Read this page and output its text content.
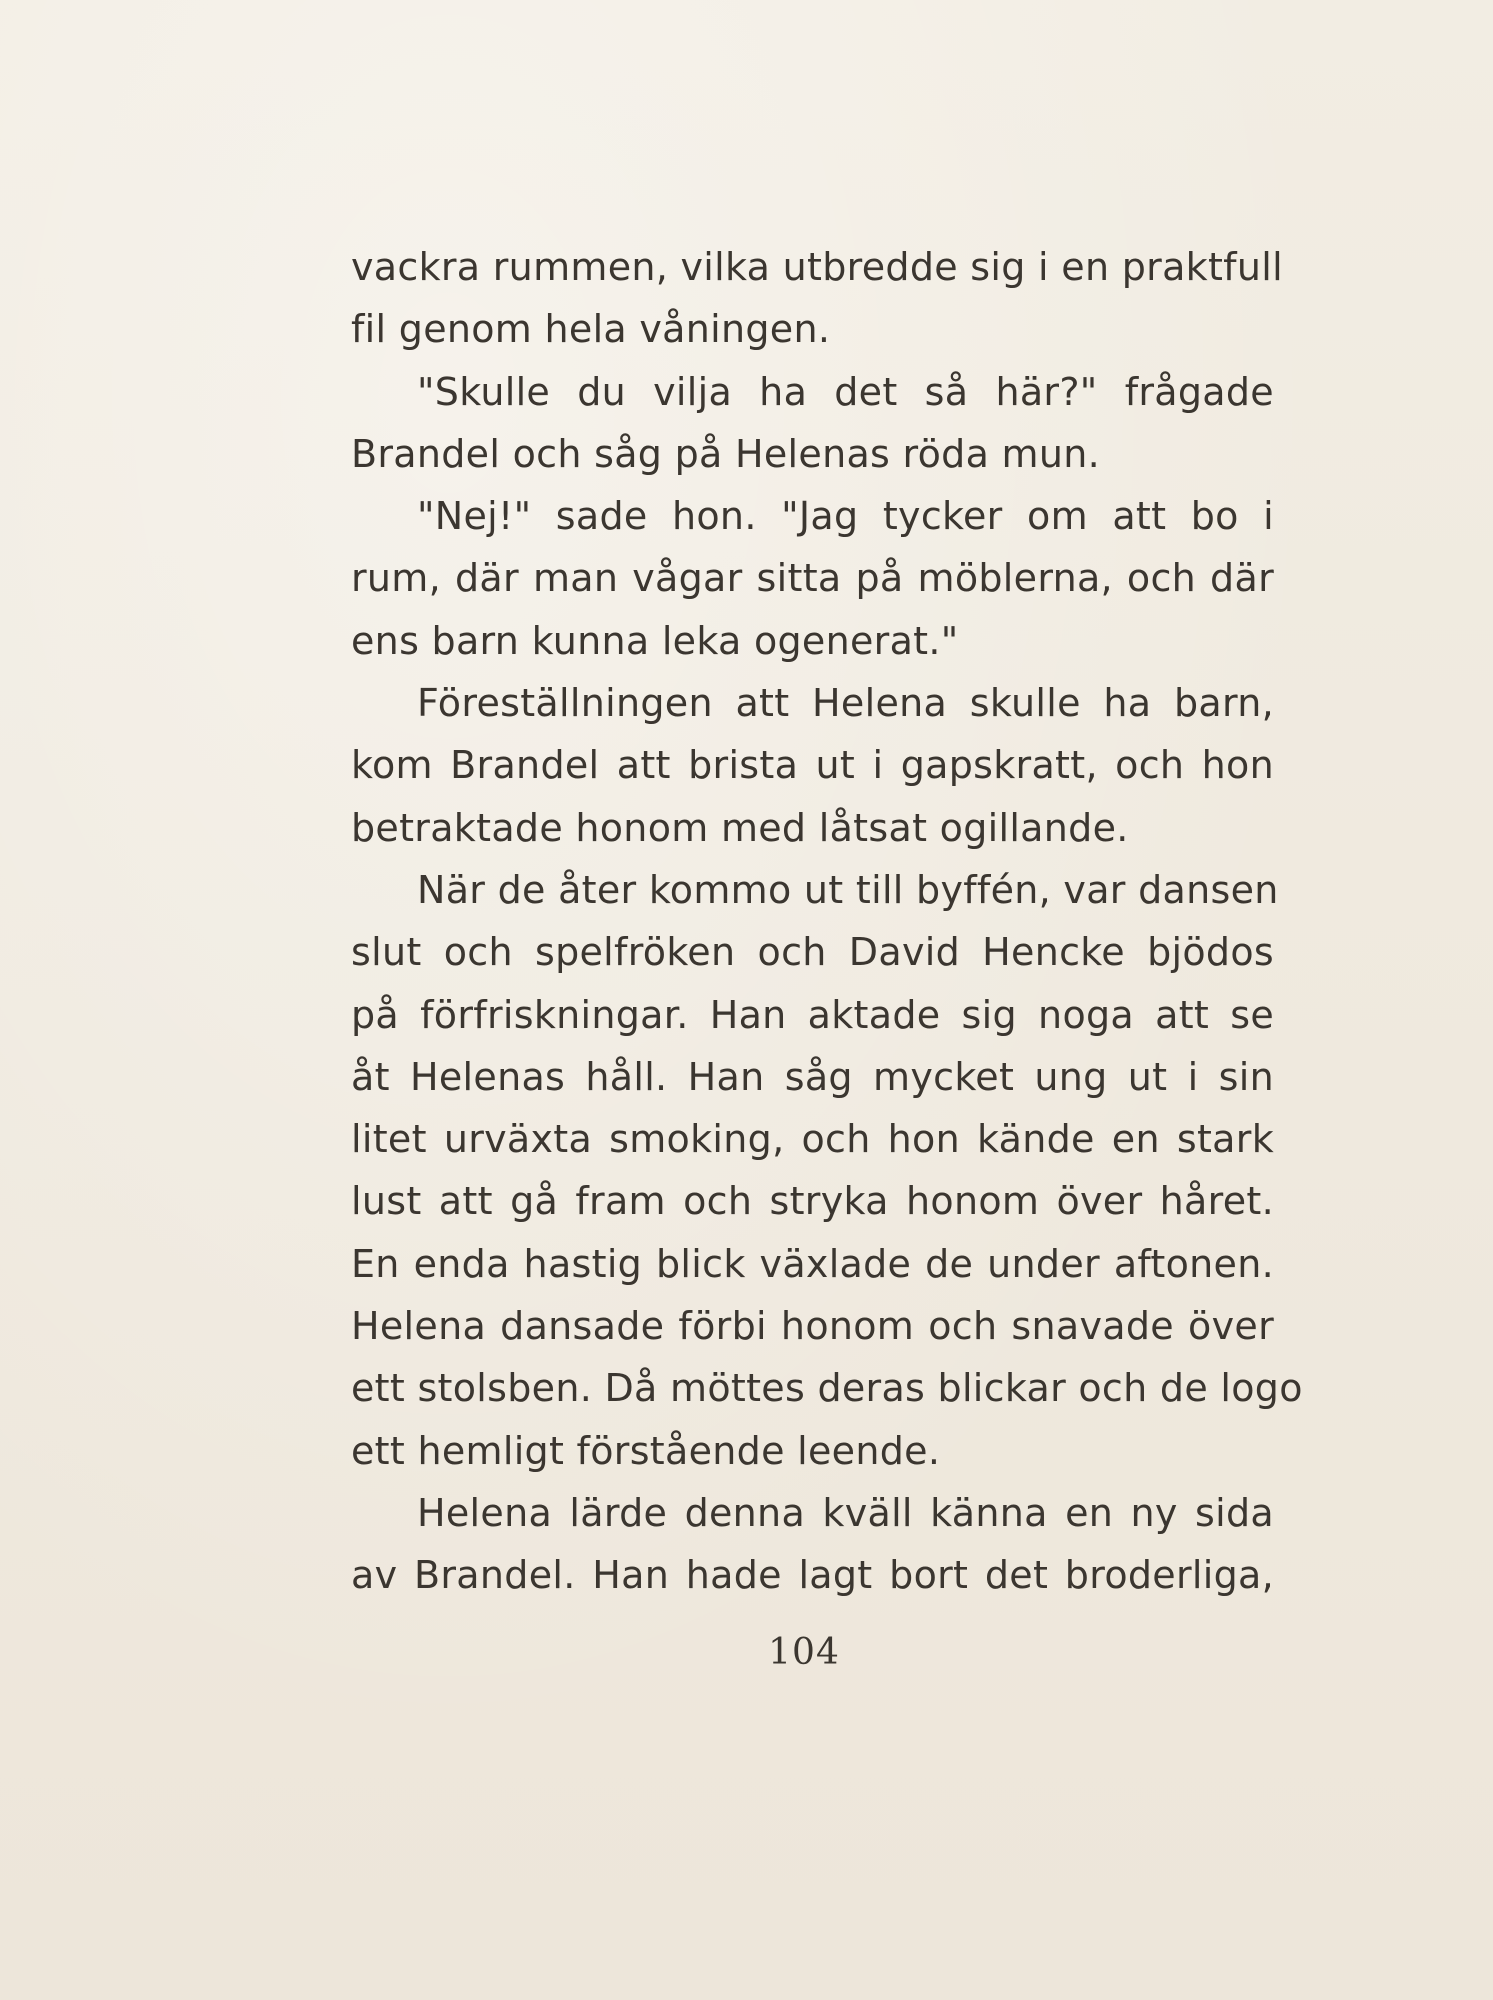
vackra rummen, vilka utbredde sig i en praktfull
fil genom hela våningen.
"Skulle du vilja ha det så här?" frågade
Brandel och såg på Helenas röda mun.
"Nej!" sade hon. "Jag tycker om att bo i
rum, där man vågar sitta på möblerna, och där
ens barn kunna leka ogenerat."
Föreställningen att Helena skulle ha barn,
kom Brandel att brista ut i gapskratt, och hon
betraktade honom med låtsat ogillande.
När de åter kommo ut till byffén, var dansen
slut och spelfröken och David Hencke bjödos
på förfriskningar. Han aktade sig noga att se
åt Helenas håll. Han såg mycket ung ut i sin
litet urväxta smoking, och hon kände en stark
lust att gå fram och stryka honom över håret.
En enda hastig blick växlade de under aftonen.
Helena dansade förbi honom och snavade över
ett stolsben. Då möttes deras blickar och de logo
ett hemligt förstående leende.
Helena lärde denna kväll känna en ny sida
av Brandel. Han hade lagt bort det broderliga,
104
